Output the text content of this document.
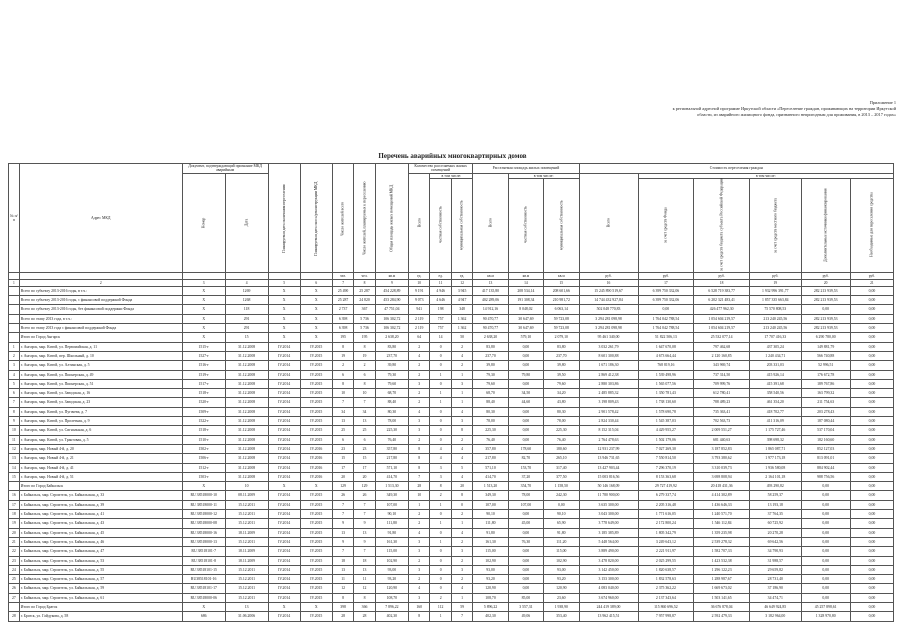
Приложение 1
к региональной адресной программе Иркутской области «Переселение граждан, проживающих на территории Иркутской
области, из аварийного жилищного фонда, признанного непригодным для проживания, в 2013 – 2017 годах»
Перечень аварийных многоквартирных домов
№ п/п	Адрес МКД	Документ, подтверждающий признание МКД аварийным		Планируемая дата окончания переселения	Планируемая дата сноса/реконструкции МКД	Число жителей всего	Число жителей, планируемых к переселению	Общая площадь жилых помещений МКД	Количество расселяемых жилых помещений			Расселяемая площадь жилых помещений			Стоимость переселения граждан					
		Номер	Дата						Всего	в том числе:		Всего	в том числе:		Всего	в том числе:				
										частная собственность	муниципальная собственность		частная собственность	муниципальная собственность		за счет средств Фонда	за счет средств бюджета субъекта Российской Федерации	за счет средств местного бюджета	Дополнительные источники финансирования	Необходимые для переселения средства
						чел.	чел.	кв.м	ед.	ед.	ед.	кв.м	кв.м	кв.м	руб.	руб.	руб.	руб.	руб.	руб.
1	2	3	4	5	6	7	8	9	10	11	12	13	14	15	16	17	18	19	20	21
	Всего по субъекту 2013-2016 годы, в т.ч.:	X	1269	X	X	25 490	25 287	454 228,89	9 191	4 946	3 945	417 135,80	208 534,14	208 601,66	15 245 890 519,67	6 399 750 332,06	6 528 719 383,77	1 932 996 391,77	282 213 939,53	0,00
	Всего по субъекту 2013-2016 годы, с финансовой поддержкой Фонда	X	1268	X	X	25 287	24 820	453 284,90	9 073	4 646	4 947	402 289,06	191 308,34	210 981,72	14 744 432 927,84	6 399 750 332,06	6 202 321 483,41	1 857 335 663,84	282 213 939,53	0,00
	Всего по субъекту 2013-2016 годы, без финансовой поддержки Фонда	X	118	X	X	2 737	367	47 751,04	941	198	348	14 912,16	8 048,02	6 063,14	502 048 770,83	0,00	426 477 962,30	75 570 808,53	0,00	0,00
	Всего по этапу 2013 года, в т.ч.:	X	291	X	X	6 398	5 736	106 302,72	2 119	757	1 362	90 470,77	30 647,69	59 723,08	3 294 281 098,98	1 764 042 788,54	1 054 604 219,57	213 240 245,56	282 213 939,53	0,00
	Всего по этапу 2013 года с финансовой поддержкой Фонда	X	291	X	X	6 398	5 736	106 302,72	2 119	757	1 362	90 470,77	30 647,69	59 723,08	3 294 281 098,98	1 764 042 788,54	1 054 604 219,57	213 240 245,56	282 213 939,53	0,00
	Итого по Город Ангарск	X	15	X	X	195	195	2 638,20	64	14	50	2 638,20	579,10	2 079,10	95 461 340,00	51 822 506,13	25 532 077,14	17 707 416,33	6 290 780,00	0,00
1	г. Ангарск, мкр. Китой, ул. Первомайская, д. 11	1515-г	31.12.2008	IV.2014	IV.2015	8	8	83,80	2	0	2	83,80	0,00	83,80	3 032 261,79	1 647 670,08	797 462,68	437 305,24	149 881,79	0,00
2	г. Ангарск, мкр. Китой, пер. Школьный, д. 10	1527-г	31.12.2008	IV.2014	IV.2015	19	19	237,70	4	0	4	237,70	0,00	237,70	8 601 300,88	4 673 664,44	2 120 160,85	1 240 434,71	566 740,88	0,00
3	г. Ангарск, мкр. Китой, ул. Алтинская, д. 5	1516-г	31.12.2008	IV.2014	IV.2015	2	2	39,80	2	0	2	39,80	0,00	39,80	1 671 186,30	768 819,16	343 969,74	203 331,03	52 996,51	0,00
4	г. Ангарск, мкр. Китой, ул. Пионерская, д. 49	1519-г	31.12.2008	IV.2014	IV.2015	6	6	79,30	2	1	1	79,30	79,80	39,50	2 869 412,38	1 539 498,96	737 314,50	415 926,14	176 672,78	0,00
5	г. Ангарск, мкр. Китой, ул. Пионерская, д. 51	1517-г	31.12.2008	IV.2014	IV.2015	8	8	79,60	3	0	3	79,60	0,00	79,60	2 880 303,86	1 565 077,56	709 999,76	415 391,68	189 767,86	0,00
6	г. Ангарск, мкр. Китой, ул. Заводская, д. 16	1518-г	31.12.2008	IV.2014	IV.2015	10	10	68,70	2	1	1	68,70	34,50	34,20	2 485 885,32	1 350 781,43	612 780,41	358 540,56	163 799,32	0,00
7	г. Ангарск, мкр. Китой, ул. Заводская, д. 23	1520-г	31.12.2008	IV.2014	IV.2015	7	7	88,40	2	1	1	88,40	44,60	43,80	3 198 809,43	1 738 130,60	788 489,23	461 354,20	211 754,63	0,00
8	г. Ангарск, мкр. Китой, ул. Пугачева, д. 7	1509-г	31.12.2008	IV.2014	IV.2015	34	34	80,30	4	0	4	80,30	0,00	80,30	2 901 578,42	1 578 690,78	735 363,41	418 702,77	203 278,43	0,00
9	г. Ангарск, мкр. Китой, ул. Пролетная, д. 9	1522-г	31.12.2008	IV.2014	IV.2015	13	13	78,00	3	0	3	78,00	0,00	78,00	2 824 330,44	1 545 387,03	702 563,73	411 316,09	187 080,44	0,00
10	г. Ангарск, мкр. Китой, ул. Сигнальная, д. 6	1518-г	31.12.2008	IV.2014	IV.2015	25	25	225,30	3	0	8	225,30	0,00	225,30	8 152 315,04	4 429 955,27	2 009 551,27	1 175 727,46	537 170,04	0,00
11	г. Ангарск, мкр. Китой, ул. Трактовая, д. 5	1510-г	31.12.2008	IV.2014	IV.2015	6	6	76,40	2	0	2	76,40	0,00	76,40	2 764 478,63	1 502 179,06	681 440,63	398 698,32	182 160,60	0,00
12	г. Ангарск, мкр. Новый 4-й, д. 20	1502-г	31.12.2008	IV.2014	IV.2016	23	23	357,80	8	4	4	357,80	178,60	180,60	12 931 237,99	7 027 269,30	3 187 852,83	1 865 087,71	852 127,03	0,00
13	г. Ангарск, мкр. Новый 4-й, д. 21	1506-г	31.12.2008	IV.2014	IV.2016	15	15	217,80	8	4	4	217,80	82,70	265,10	13 946 731,65	7 550 814,50	3 793 380,62	1 977 173,18	813 091,01	0,00
14	г. Ангарск, мкр. Новый 4-й, д. 41	1512-г	31.12.2008	IV.2014	IV.2016	17	17	571,10	8	3	5	571,10	153,70	317,40	13 427 903,44	7 296 370,19	3 310 039,73	1 936 580,08	884 902,44	0,00
15	г. Ангарск, мкр. Новый 4-й, д. 51	1503-г	31.12.2008	IV.2014	IV.2016	20	20	414,70	7	3	4	414,70	37,20	377,50	15 003 816,56	8 153 363,68	3 698 808,94	2 164 101,18	988 756,56	0,00
	Итого по Город Байкальск	X	10	X	X	129	129	1 513,30	28	8	20	1 513,20	354,70	1 158,50	50 146 168,09	29 727 419,92	20 418 431,36	493 290,82	0,00	0,00
16	г. Байкальск, мкр. Строитель, ул. Байкальская, д. 33	RU 38518000-10	08.11.2009	IV.2014	IV.2015	26	26	349,30	10	2	8	349,30	78,00	242,30	11 780 900,00	6 279 337,74	4 414 302,89	58 259,37	0,00	0,00
17	г. Байкальск, мкр. Строитель, ул. Байкальская, д. 39	RU 38518000-11	15.12.2011	IV.2014	IV.2015	7	7	107,00	1	1	0	107,00	107,00	0,00	3 635 300,00	2 205 316,48	1 436 646,33	13 193,18	0,00	0,00
18	г. Байкальск, мкр. Строитель, ул. Байкальская, д. 41	RU 38518000-12	15.12.2011	IV.2014	IV.2015	7	7	90,10	2	0	2	90,10	0,00	90,10	3 043 300,00	1 771 616,05	1 240 571,70	37 764,35	0,00	0,00
19	г. Байкальск, мкр. Строитель, ул. Байкальская, д. 43	RU 38518000-08	15.12.2011	IV.2014	IV.2015	9	9	111,80	2	1	1	111,80	45,00	65,90	3 778 649,00	2 172 800,24	1 546 112,84	60 725,92	0,00	0,00
20	г. Байкальск, мкр. Строитель, ул. Байкальская, д. 45	RU 38518000-16	18.11.2009	IV.2014	IV.2015	13	13	91,80	4	0	4	91,80	0,00	91,80	3 185 385,89	1 805 342,79	1 359 235,98	20 270,28	0,00	0,00
21	г. Байкальск, мкр. Строитель, ул. Байкальская, д. 46	RU 38518000-13	15.12.2011	IV.2014	IV.2015	9	9	161,30	3	1	2	161,30	76,30	111,20	5 448 564,00	3 249 643,12	2 539 278,32	69 642,56	0,00	0,00
22	г. Байкальск, мкр. Строитель, ул. Байкальская, д. 47	RU 38518101-7	18.11.2009	IV.2014	IV.2015	7	7	115,00	3	0	3	115,00	0,00	115,00	3 889 490,00	2 221 911,97	1 582 707,33	34 790,93	0,00	0,00
23	г. Байкальск, мкр. Строитель, ул. Байкальская, д. 53	RU 38518101-8	18.11.2009	IV.2014	IV.2015	18	18	102,90	2	0	2	102,90	0,00	102,90	3 478 820,00	2 025 299,55	1 423 532,38	31 988,57	0,00	0,00
24	г. Байкальск, мкр. Строитель, ул. Байкальская, д. 55	RU 38518101-15	15.12.2011	IV.2014	IV.2015	13	13	93,00	3	0	3	93,00	0,00	93,00	3 142 450,00	1 820 638,57	1 296 122,23	29 659,82	0,00	0,00
25	г. Байкальск, мкр. Строитель, ул. Байкальская, д. 57	RU38518101-16	15.12.2011	IV.2014	IV.2015	11	11	93,20	2	0	2	93,20	0,00	93,20	3 153 300,00	1 832 578,63	1 288 987,67	28 731,40	0,00	0,00
26	г. Байкальск, мкр. Строитель, ул. Байкальская, д. 59	RU 38518101-17	15.12.2011	IV.2014	IV.2015	12	12	120,90	4	0	4	120,90	0,00	120,90	4 083 040,00	2 375 362,22	1 669 673,02	37 186,90	0,00	0,00
27	г. Байкальск, мкр. Строитель, ул. Байкальская, д. 61	RU 38518000-06	15.12.2011	IV.2014	IV.2015	8	8	108,70	3	2	1	108,70	85,00	23,60	3 674 960,00	2 137 343,64	1 503 141,65	34 474,71	0,00	0,00
	Итого по Город Братск	X	13	X	X	398	366	7 896,22	160	112	59	5 896,22	3 557,31	1 938,90	244 419 389,00	115 860 696,52	36 676 878,04	46 649 924,85	45 257 898,61	0,00
28	г. Братск, ул. Гайдукова, д. 58	686	31.06.2006	IV.2014	IV.2015	28	28	402,30	8	1	7	402,30	49,06	353,40	13 962 415,51	7 957 998,87	2 592 479,33	3 182 964,00	1 328 970,80	0,00
